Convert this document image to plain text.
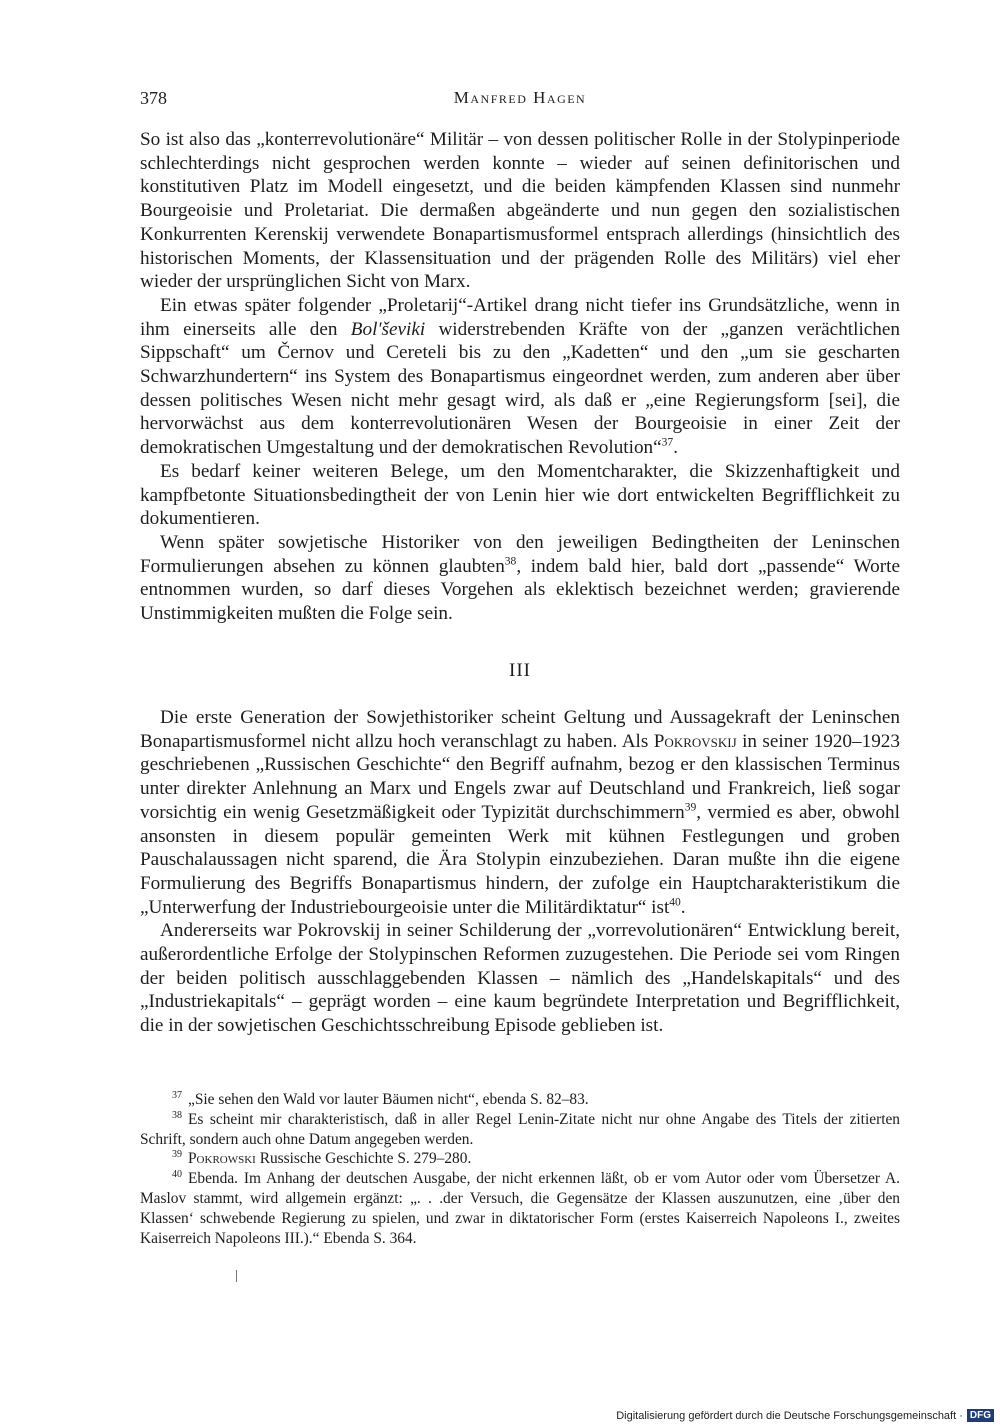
378	Manfred Hagen

So ist also das „konterrevolutionäre“ Militär – von dessen politischer Rolle in der Stolypinperiode schlechterdings nicht gesprochen werden konnte – wieder auf seinen definitorischen und konstitutiven Platz im Modell eingesetzt, und die beiden kämpfenden Klassen sind nunmehr Bourgeoisie und Proletariat. Die dermaßen abgeänderte und nun gegen den sozialistischen Konkurrenten Kerenskij verwendete Bonapartismusformel entsprach allerdings (hinsichtlich des historischen Moments, der Klassensituation und der prägenden Rolle des Militärs) viel eher wieder der ursprünglichen Sicht von Marx.

Ein etwas später folgender „Proletarij“-Artikel drang nicht tiefer ins Grundsätzliche, wenn in ihm einerseits alle den Bol'ševiki widerstrebenden Kräfte von der „ganzen verächtlichen Sippschaft“ um Černov und Cereteli bis zu den „Kadetten“ und den „um sie gescharten Schwarzhundertern“ ins System des Bonapartismus eingeordnet werden, zum anderen aber über dessen politisches Wesen nicht mehr gesagt wird, als daß er „eine Regierungsform [sei], die hervorwächst aus dem konterrevolutionären Wesen der Bourgeoisie in einer Zeit der demokratischen Umgestaltung und der demokratischen Revolution“$^{37}$.

Es bedarf keiner weiteren Belege, um den Momentcharakter, die Skizzenhaftigkeit und kampfbetonte Situationsbedingtheit der von Lenin hier wie dort entwickelten Begrifflichkeit zu dokumentieren.

Wenn später sowjetische Historiker von den jeweiligen Bedingtheiten der Leninschen Formulierungen absehen zu können glaubten$^{38}$, indem bald hier, bald dort „passende“ Worte entnommen wurden, so darf dieses Vorgehen als eklektisch bezeichnet werden; gravierende Unstimmigkeiten mußten die Folge sein.

III

Die erste Generation der Sowjethistoriker scheint Geltung und Aussagekraft der Leninschen Bonapartismusformel nicht allzu hoch veranschlagt zu haben. Als Pokrovskij in seiner 1920–1923 geschriebenen „Russischen Geschichte“ den Begriff aufnahm, bezog er den klassischen Terminus unter direkter Anlehnung an Marx und Engels zwar auf Deutschland und Frankreich, ließ sogar vorsichtig ein wenig Gesetzmäßigkeit oder Typizität durchschimmern$^{39}$, vermied es aber, obwohl ansonsten in diesem populär gemeinten Werk mit kühnen Festlegungen und groben Pauschalaussagen nicht sparend, die Ära Stolypin einzubeziehen. Daran mußte ihn die eigene Formulierung des Begriffs Bonapartismus hindern, der zufolge ein Hauptcharakteristikum die „Unterwerfung der Industriebourgeoisie unter die Militärdiktatur“ ist$^{40}$.

Andererseits war Pokrovskij in seiner Schilderung der „vorrevolutionären“ Entwicklung bereit, außerordentliche Erfolge der Stolypinschen Reformen zuzugestehen. Die Periode sei vom Ringen der beiden politisch ausschlaggebenden Klassen – nämlich des „Handelskapitals“ und des „Industriekapitals“ – geprägt worden – eine kaum begründete Interpretation und Begrifflichkeit, die in der sowjetischen Geschichtsschreibung Episode geblieben ist.

$^{37}$ „Sie sehen den Wald vor lauter Bäumen nicht“, ebenda S. 82–83.

$^{38}$ Es scheint mir charakteristisch, daß in aller Regel Lenin-Zitate nicht nur ohne Angabe des Titels der zitierten Schrift, sondern auch ohne Datum angegeben werden.

$^{39}$ Pokrowski Russische Geschichte S. 279–280.

$^{40}$ Ebenda. Im Anhang der deutschen Ausgabe, der nicht erkennen läßt, ob er vom Autor oder vom Übersetzer A. Maslov stammt, wird allgemein ergänzt: „. . .der Versuch, die Gegensätze der Klassen auszunutzen, eine ‚über den Klassen‘ schwebende Regierung zu spielen, und zwar in diktatorischer Form (erstes Kaiserreich Napoleons I., zweites Kaiserreich Napoleons III.).“ Ebenda S. 364.

Digitalisierung gefördert durch die Deutsche Forschungsgemeinschaft · DFG
